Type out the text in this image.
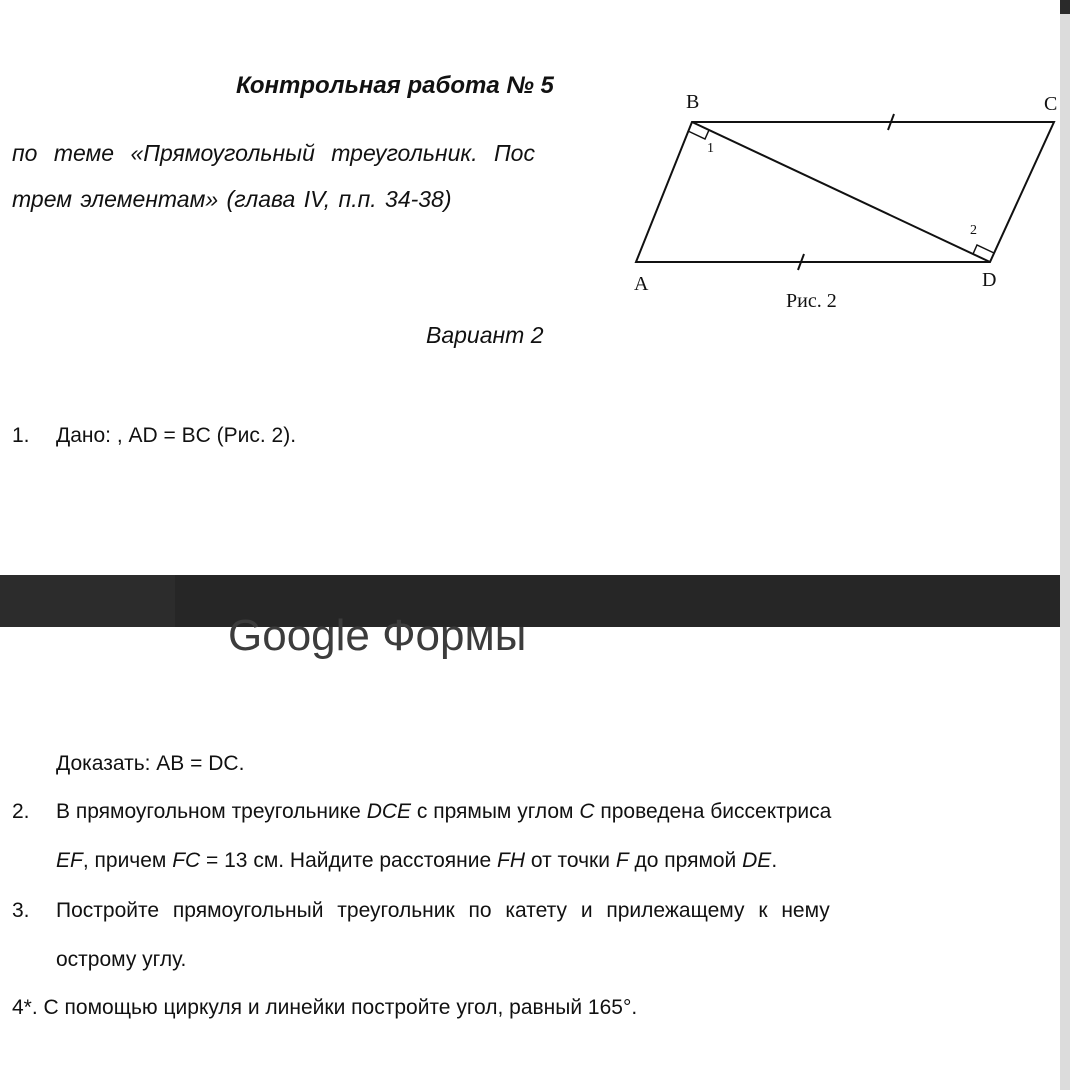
Контрольная работа № 5
по теме «Прямоугольный треугольник. Пос
трем элементам» (глава IV, п.п. 34-38)
Вариант 2
B	C
A	D
1
2
Рис. 2
1. Дано: , AD = BC (Рис. 2).
Google Формы
Доказать: AB = DC.
2. В прямоугольном треугольнике DCE с прямым углом C проведена биссектриса
EF, причем FC = 13 см. Найдите расстояние FH от точки F до прямой DE.
3. Постройте прямоугольный треугольник по катету и прилежащему к нему
острому углу.
4*. С помощью циркуля и линейки постройте угол, равный 165°.
